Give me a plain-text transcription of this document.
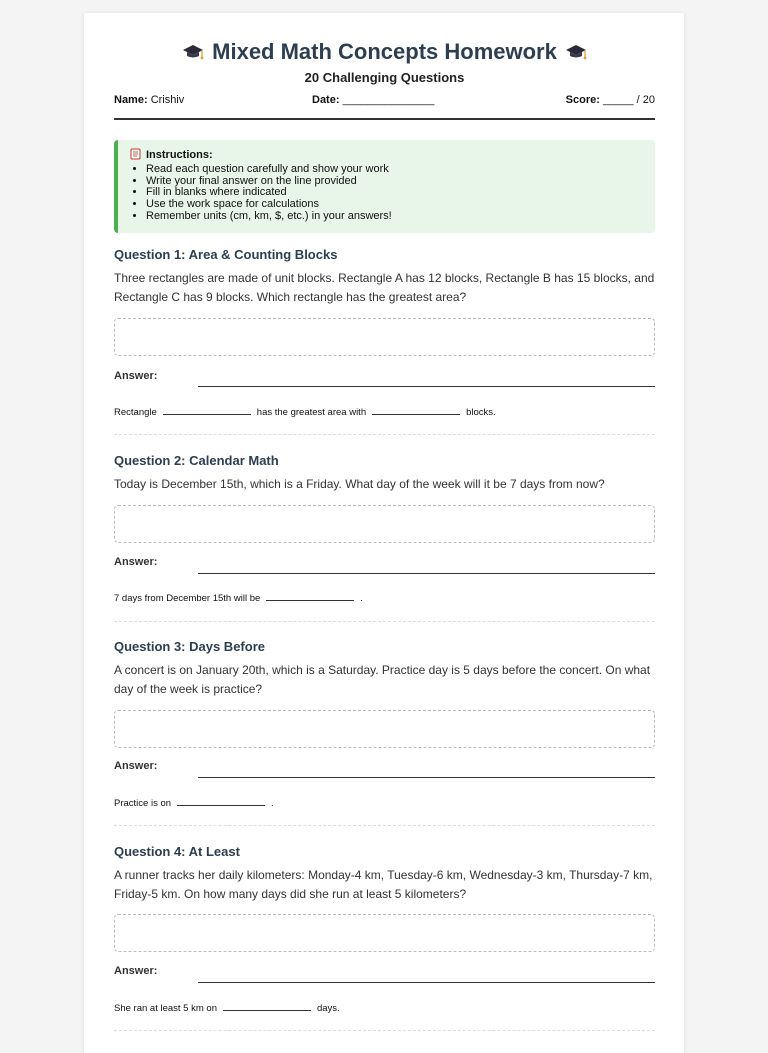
Mixed Math Concepts Homework
20 Challenging Questions
Name: Crishiv	Date: _______________	Score: _____ / 20
Instructions:
• Read each question carefully and show your work
• Write your final answer on the line provided
• Fill in blanks where indicated
• Use the work space for calculations
• Remember units (cm, km, $, etc.) in your answers!
Question 1: Area & Counting Blocks
Three rectangles are made of unit blocks. Rectangle A has 12 blocks, Rectangle B has 15 blocks, and Rectangle C has 9 blocks. Which rectangle has the greatest area?
Answer:
Rectangle	has the greatest area with	blocks.
Question 2: Calendar Math
Today is December 15th, which is a Friday. What day of the week will it be 7 days from now?
Answer:
7 days from December 15th will be	.
Question 3: Days Before
A concert is on January 20th, which is a Saturday. Practice day is 5 days before the concert. On what day of the week is practice?
Answer:
Practice is on	.
Question 4: At Least
A runner tracks her daily kilometers: Monday-4 km, Tuesday-6 km, Wednesday-3 km, Thursday-7 km, Friday-5 km. On how many days did she run at least 5 kilometers?
Answer:
She ran at least 5 km on	days.
